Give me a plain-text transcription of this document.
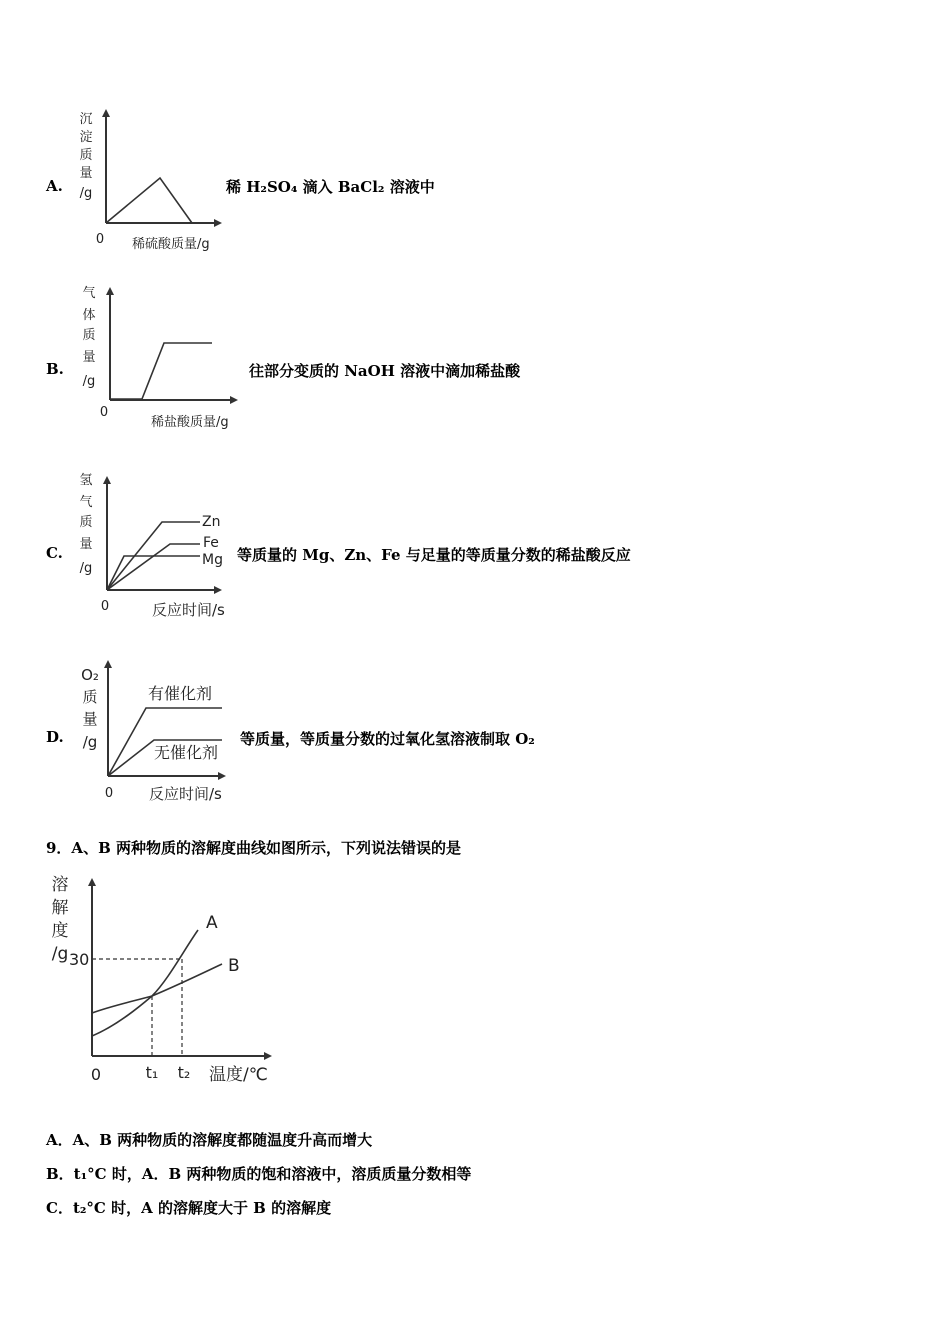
A.
沉
淀
质
量
/g
0 稀硫酸质量/g
稀 H₂SO₄ 滴入 BaCl₂ 溶液中
B.
气
体
质
量
/g
0
稀盐酸质量/g
往部分变质的 NaOH 溶液中滴加稀盐酸
C.
氢
气
质
量
/g
Zn
Fe
Mg
0	反应时间/s
等质量的 Mg、Zn、Fe 与足量的等质量分数的稀盐酸反应
D.
O₂
质
量
/g
有催化剂
无催化剂
0 反应时间/s
等质量，等质量分数的过氧化氢溶液制取 O₂
9．A、B 两种物质的溶解度曲线如图所示，下列说法错误的是
溶
解
度
/g
A
B
30
0	t₁ t₂ 温度/℃
A．A、B 两种物质的溶解度都随温度升高而增大
B．t₁°C 时，A．B 两种物质的饱和溶液中，溶质质量分数相等
C．t₂°C 时，A 的溶解度大于 B 的溶解度
